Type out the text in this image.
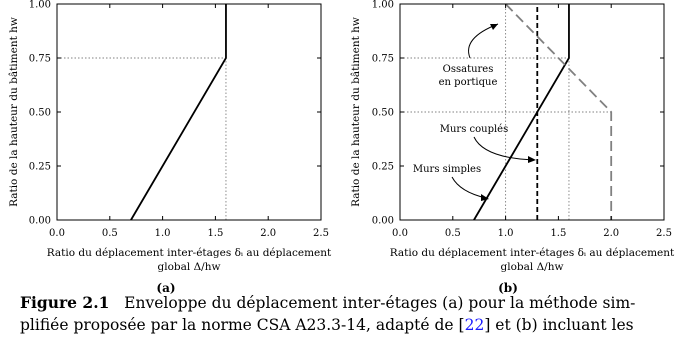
0.0	0.5	1.0	1.5	2.0	2.5
0.00
0.25
0.50
0.75
1.00
Ratio du déplacement inter-étages δᵢ au déplacement
global Δ/hw
Ratio de la hauteur du bâtiment hw
(a)
0.0	0.5	1.0	1.5	2.0	2.5
0.00
0.25
0.50
0.75
1.00
Ratio du déplacement inter-étages δᵢ au déplacement
global Δ/hw
Ratio de la hauteur du bâtiment hw
(b)
Ossatures
en portique
Murs couplés
Murs simples
Figure 2.1 Enveloppe du déplacement inter-étages (a) pour la méthode sim-
plifiée proposée par la norme CSA A23.3-14, adapté de [22] et (b) incluant les
